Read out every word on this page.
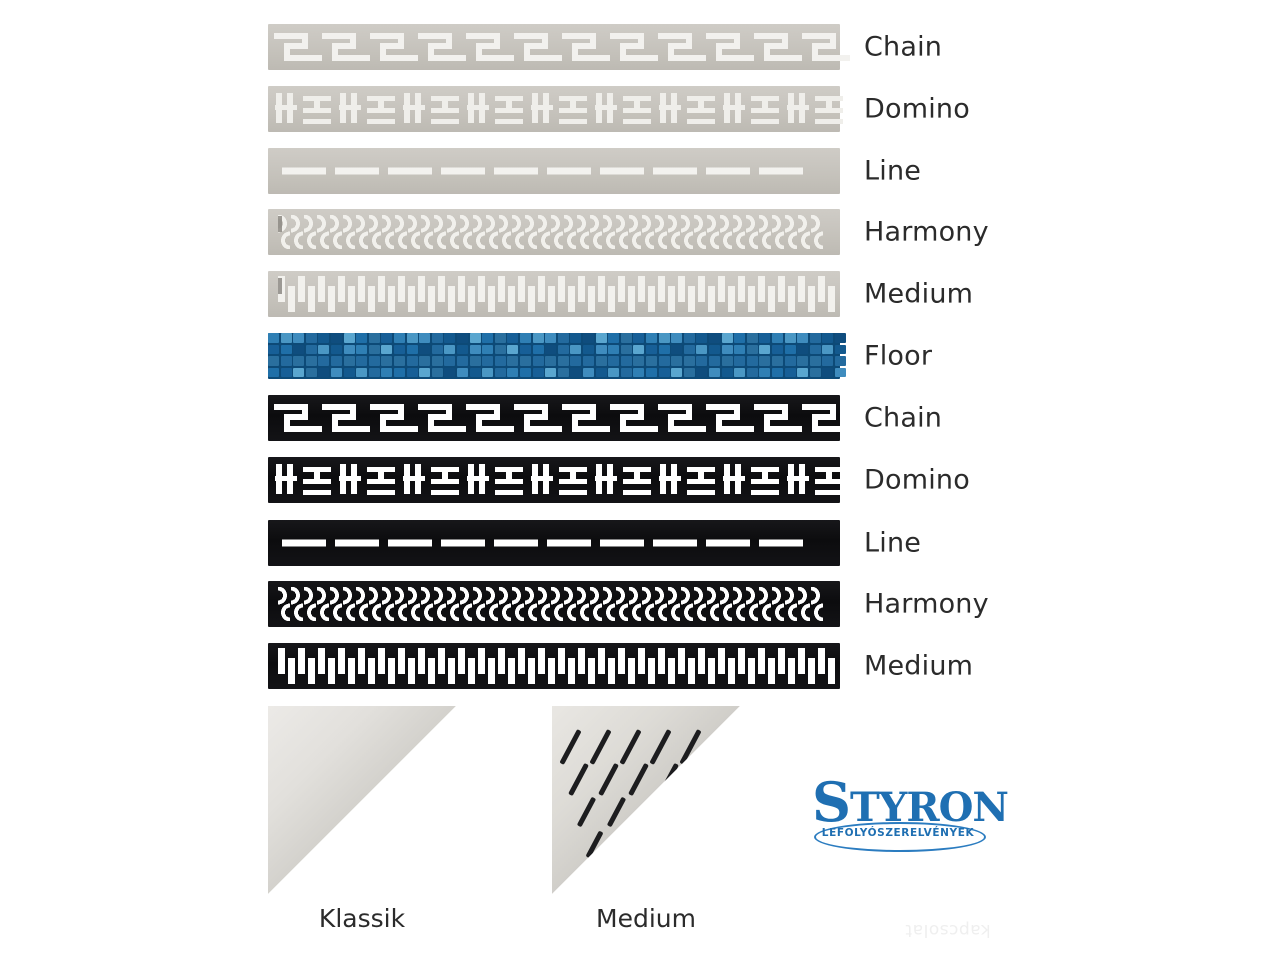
Chain
Domino
Line
Harmony
Medium
Floor
Chain
Domino
Line
Harmony
Medium
Klassik	Medium
STYRON
LEFOLYÓSZERELVÉNYEK
kapcsolat
